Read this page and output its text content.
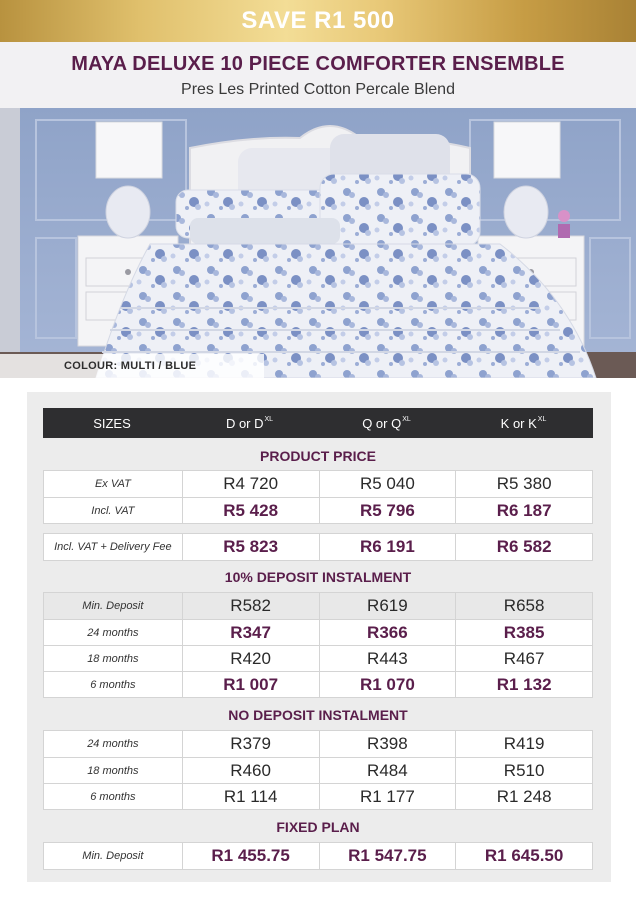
SAVE R1 500
MAYA DELUXE 10 PIECE COMFORTER ENSEMBLE
Pres Les Printed Cotton Percale Blend
COLOUR: MULTI / BLUE
SIZES	D or $D^{XL}$	Q or $Q^{XL}$	K or $K^{XL}$
PRODUCT PRICE
Ex VAT	R4 720	R5 040	R5 380
Incl. VAT	R5 428	R5 796	R6 187
Incl. VAT + Delivery Fee	R5 823	R6 191	R6 582
10% DEPOSIT INSTALMENT
Min. Deposit	R582	R619	R658
24 months	R347	R366	R385
18 months	R420	R443	R467
6 months	R1 007	R1 070	R1 132
NO DEPOSIT INSTALMENT
24 months	R379	R398	R419
18 months	R460	R484	R510
6 months	R1 114	R1 177	R1 248
FIXED PLAN
Min. Deposit	R1 455.75	R1 547.75	R1 645.50
